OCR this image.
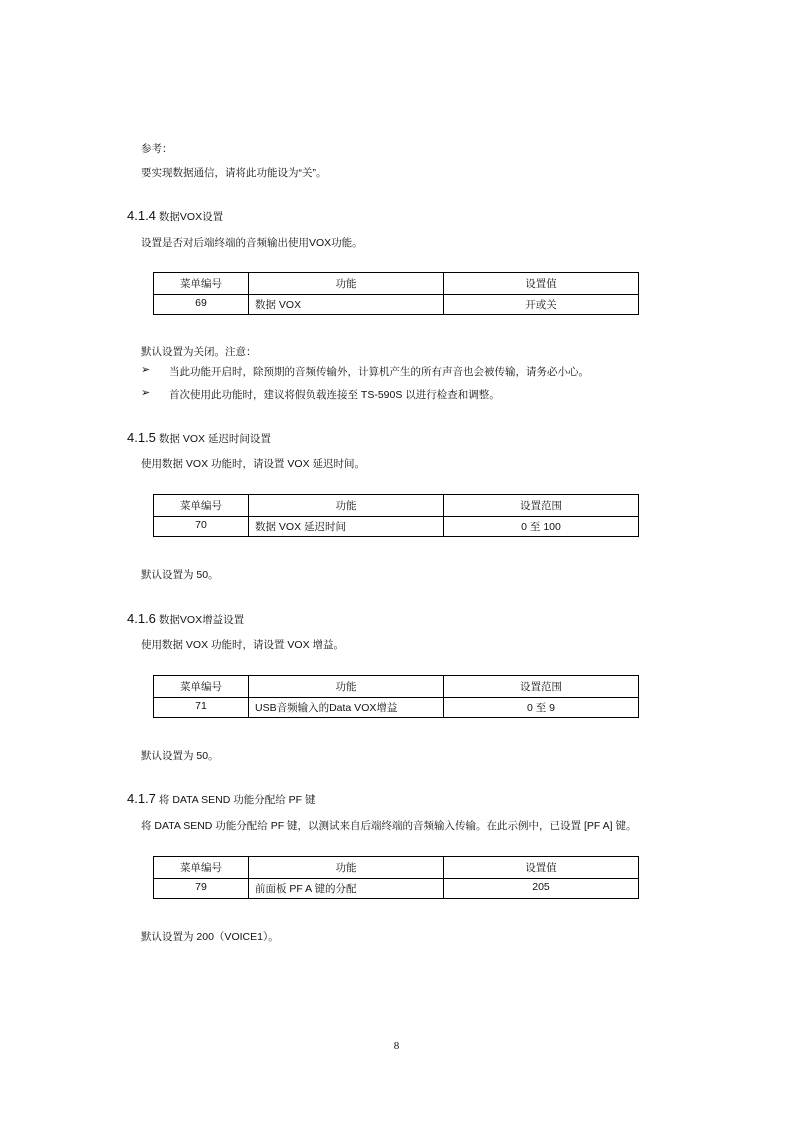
参考：
要实现数据通信，请将此功能设为“关”。
4.1.4 数据VOX设置
设置是否对后端终端的音频输出使用VOX功能。
菜单编号	功能	设置值
69	数据 VOX	开或关
默认设置为关闭。注意：
➢ 当此功能开启时，除预期的音频传输外，计算机产生的所有声音也会被传输，请务必小心。
➢ 首次使用此功能时，建议将假负载连接至 TS-590S 以进行检查和调整。
4.1.5 数据 VOX 延迟时间设置
使用数据 VOX 功能时，请设置 VOX 延迟时间。
菜单编号	功能	设置范围
70	数据 VOX 延迟时间	0 至 100
默认设置为 50。
4.1.6 数据VOX增益设置
使用数据 VOX 功能时，请设置 VOX 增益。
菜单编号	功能	设置范围
71	USB音频输入的Data VOX增益	0 至 9
默认设置为 50。
4.1.7 将 DATA SEND 功能分配给 PF 键
将 DATA SEND 功能分配给 PF 键，以测试来自后端终端的音频输入传输。在此示例中，已设置 [PF A] 键。
菜单编号	功能	设置值
79	前面板 PF A 键的分配	205
默认设置为 200（VOICE1）。
8
